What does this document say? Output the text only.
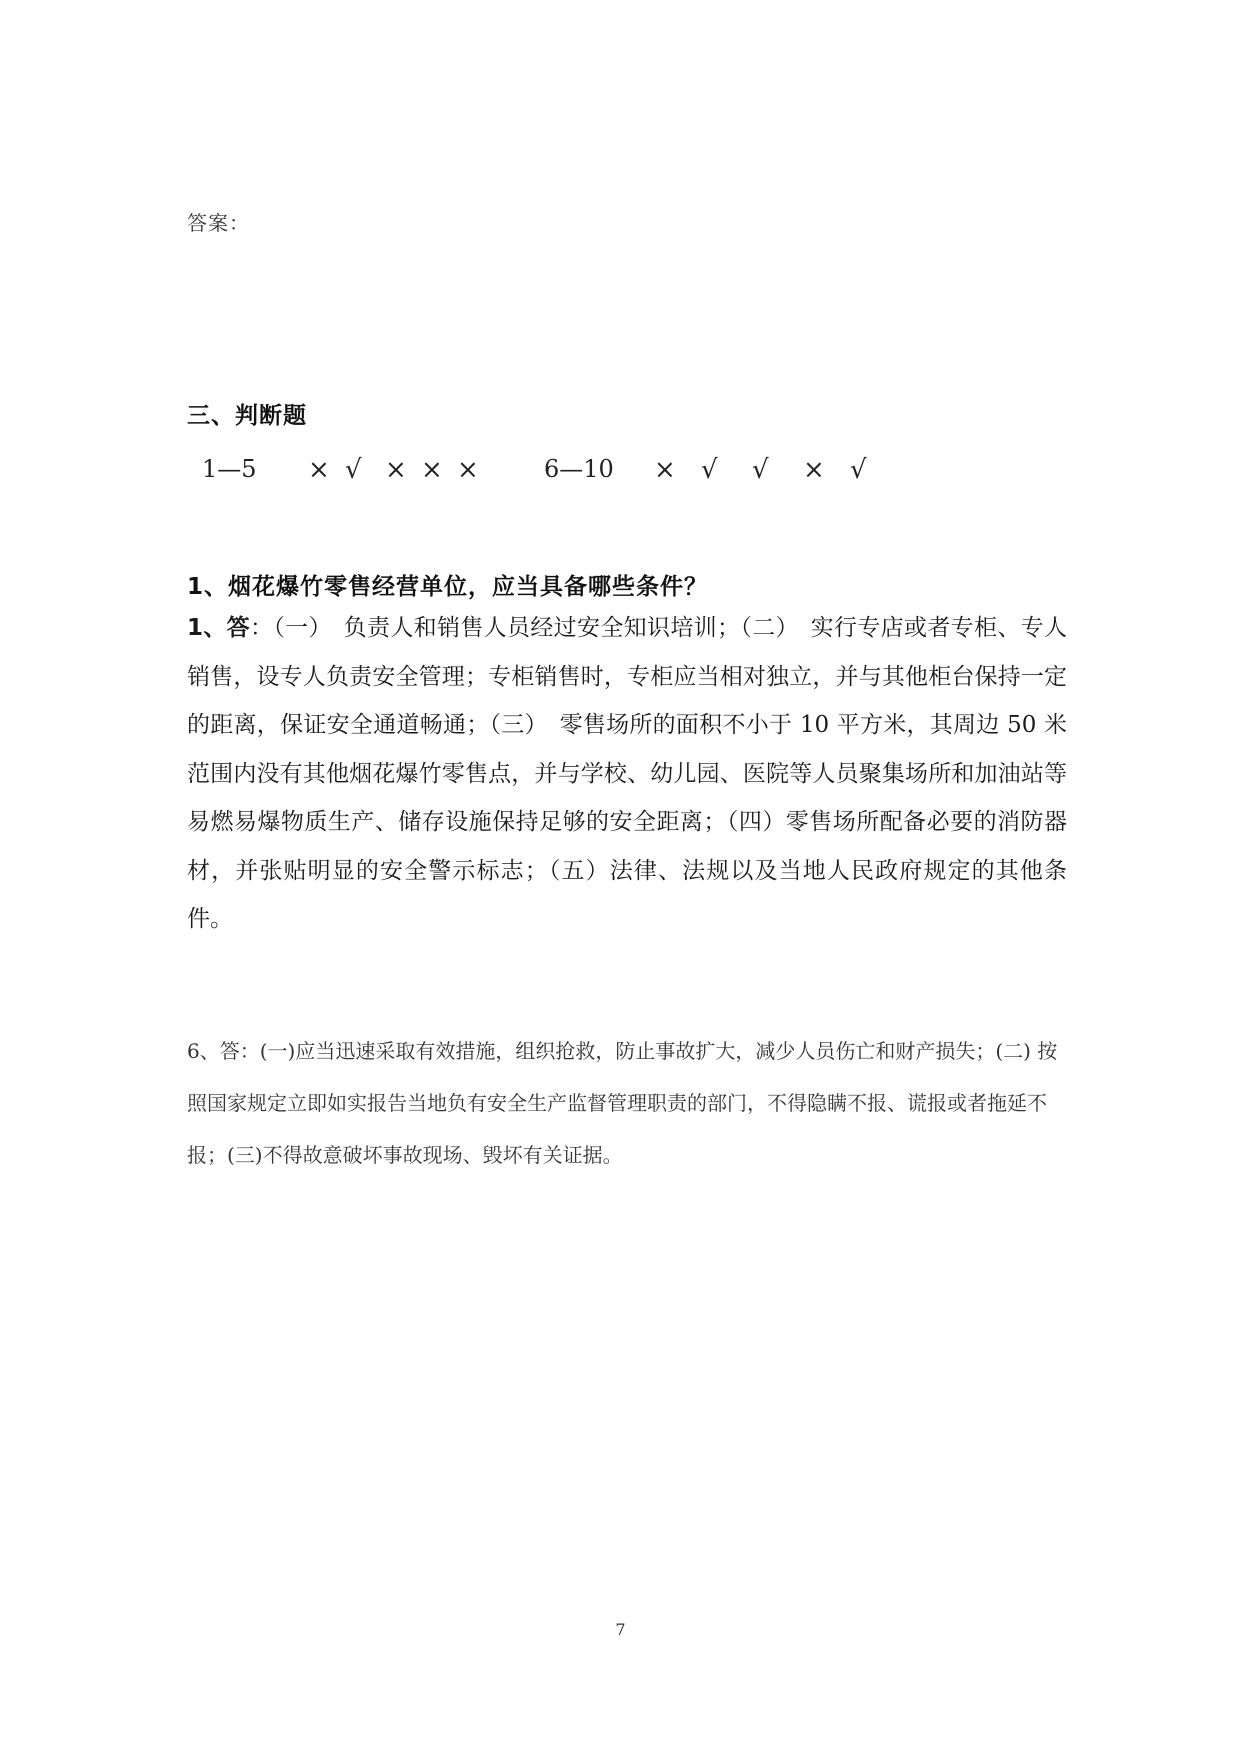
答案：
三、判断题
1—5 × √ × × ×	6—10 × √ √ × √
1、烟花爆竹零售经营单位，应当具备哪些条件？
1、答：（一）　负责人和销售人员经过安全知识培训；（二）　实行专店或者专柜、专人销售，设专人负责安全管理；专柜销售时，专柜应当相对独立，并与其他柜台保持一定的距离，保证安全通道畅通；（三）　零售场所的面积不小于 10 平方米，其周边 50 米范围内没有其他烟花爆竹零售点，并与学校、幼儿园、医院等人员聚集场所和加油站等易燃易爆物质生产、储存设施保持足够的安全距离；（四）零售场所配备必要的消防器材，并张贴明显的安全警示标志；（五）法律、法规以及当地人民政府规定的其他条件。
6、答：(一)应当迅速采取有效措施，组织抢救，防止事故扩大，减少人员伤亡和财产损失；(二) 按照国家规定立即如实报告当地负有安全生产监督管理职责的部门，不得隐瞒不报、谎报或者拖延不报；(三)不得故意破坏事故现场、毁坏有关证据。
7
